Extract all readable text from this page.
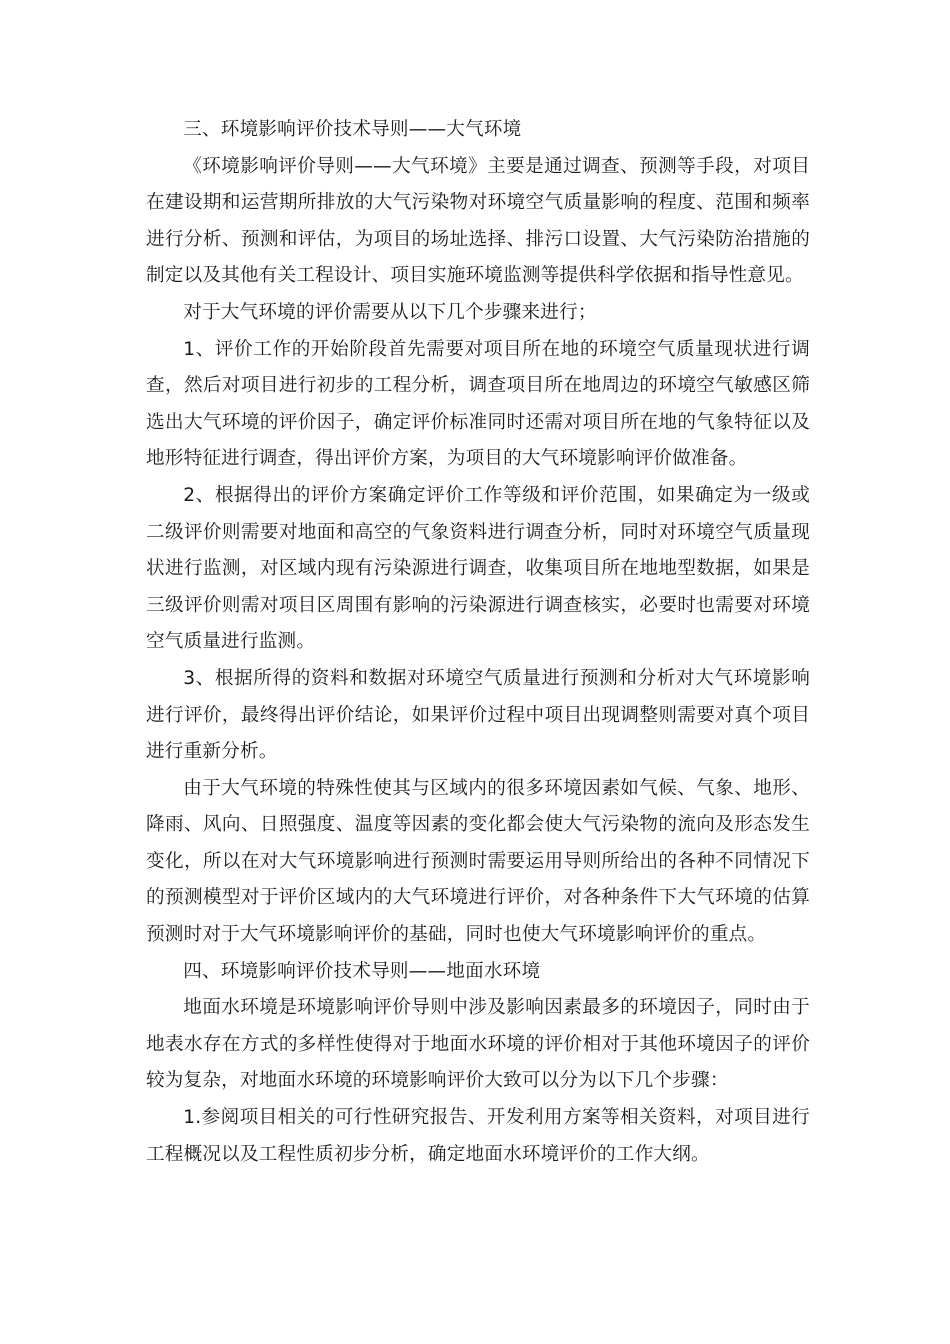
三、环境影响评价技术导则——大气环境

《环境影响评价导则——大气环境》主要是通过调查、预测等手段，对项目在建设期和运营期所排放的大气污染物对环境空气质量影响的程度、范围和频率进行分析、预测和评估，为项目的场址选择、排污口设置、大气污染防治措施的制定以及其他有关工程设计、项目实施环境监测等提供科学依据和指导性意见。

对于大气环境的评价需要从以下几个步骤来进行；

1、评价工作的开始阶段首先需要对项目所在地的环境空气质量现状进行调查，然后对项目进行初步的工程分析，调查项目所在地周边的环境空气敏感区筛选出大气环境的评价因子，确定评价标准同时还需对项目所在地的气象特征以及地形特征进行调查，得出评价方案，为项目的大气环境影响评价做准备。

2、根据得出的评价方案确定评价工作等级和评价范围，如果确定为一级或二级评价则需要对地面和高空的气象资料进行调查分析，同时对环境空气质量现状进行监测，对区域内现有污染源进行调查，收集项目所在地地型数据，如果是三级评价则需对项目区周围有影响的污染源进行调查核实，必要时也需要对环境空气质量进行监测。

3、根据所得的资料和数据对环境空气质量进行预测和分析对大气环境影响进行评价，最终得出评价结论，如果评价过程中项目出现调整则需要对真个项目进行重新分析。

由于大气环境的特殊性使其与区域内的很多环境因素如气候、气象、地形、降雨、风向、日照强度、温度等因素的变化都会使大气污染物的流向及形态发生变化，所以在对大气环境影响进行预测时需要运用导则所给出的各种不同情况下的预测模型对于评价区域内的大气环境进行评价，对各种条件下大气环境的估算预测时对于大气环境影响评价的基础，同时也使大气环境影响评价的重点。

四、环境影响评价技术导则——地面水环境

地面水环境是环境影响评价导则中涉及影响因素最多的环境因子，同时由于地表水存在方式的多样性使得对于地面水环境的评价相对于其他环境因子的评价较为复杂，对地面水环境的环境影响评价大致可以分为以下几个步骤：

1.参阅项目相关的可行性研究报告、开发利用方案等相关资料，对项目进行工程概况以及工程性质初步分析，确定地面水环境评价的工作大纲。
